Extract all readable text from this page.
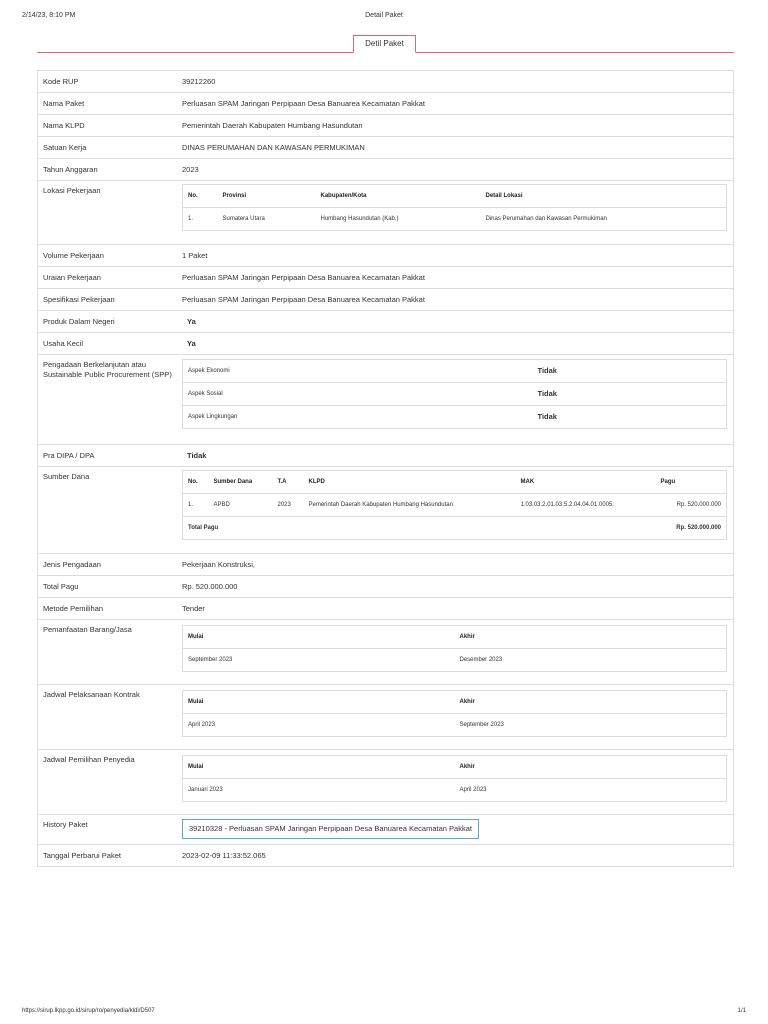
2/14/23, 8:10 PM	Detail Paket
Detil Paket
Kode RUP	39212260
Nama Paket	Perluasan SPAM Jaringan Perpipaan Desa Banuarea Kecamatan Pakkat
Nama KLPD	Pemerintah Daerah Kabupaten Humbang Hasundutan
Satuan Kerja	DINAS PERUMAHAN DAN KAWASAN PERMUKIMAN
Tahun Anggaran	2023
Lokasi Pekerjaan
No.	Provinsi	Kabupaten/Kota	Detail Lokasi
1.	Sumatera Utara	Humbang Hasundutan (Kab.)	Dinas Perumahan dan Kawasan Permukiman
Volume Pekerjaan	1 Paket
Uraian Pekerjaan	Perluasan SPAM Jaringan Perpipaan Desa Banuarea Kecamatan Pakkat
Spesifikasi Pekerjaan	Perluasan SPAM Jaringan Perpipaan Desa Banuarea Kecamatan Pakkat
Produk Dalam Negeri	Ya
Usaha Kecil	Ya
Pengadaan Berkelanjutan atau Sustainable Public Procurement (SPP)	Aspek Ekonomi	Tidak
Aspek Sosial	Tidak
Aspek Lingkungan	Tidak
Pra DIPA / DPA	Tidak
Sumber Dana
No.	Sumber Dana	T.A	KLPD	MAK	Pagu
1.	APBD	2023	Pemerintah Daerah Kabupaten Humbang Hasundutan	1.03.03.2.01.03.5.2.04.04.01.0005.	Rp. 520.000.000
Total Pagu					Rp. 520.000.000
Jenis Pengadaan	Pekerjaan Konstruksi,
Total Pagu	Rp. 520.000.000
Metode Pemilihan	Tender
Pemanfaatan Barang/Jasa
Mulai	Akhir
September 2023	Desember 2023
Jadwal Pelaksanaan Kontrak
Mulai	Akhir
April 2023	September 2023
Jadwal Pemilihan Penyedia
Mulai	Akhir
Januari 2023	April 2023
History Paket	39210328 - Perluasan SPAM Jaringan Perpipaan Desa Banuarea Kecamatan Pakkat
Tanggal Perbarui Paket	2023-02-09 11:33:52.065
https://sirup.lkpp.go.id/sirup/ro/penyedia/kldi/D507	1/1
